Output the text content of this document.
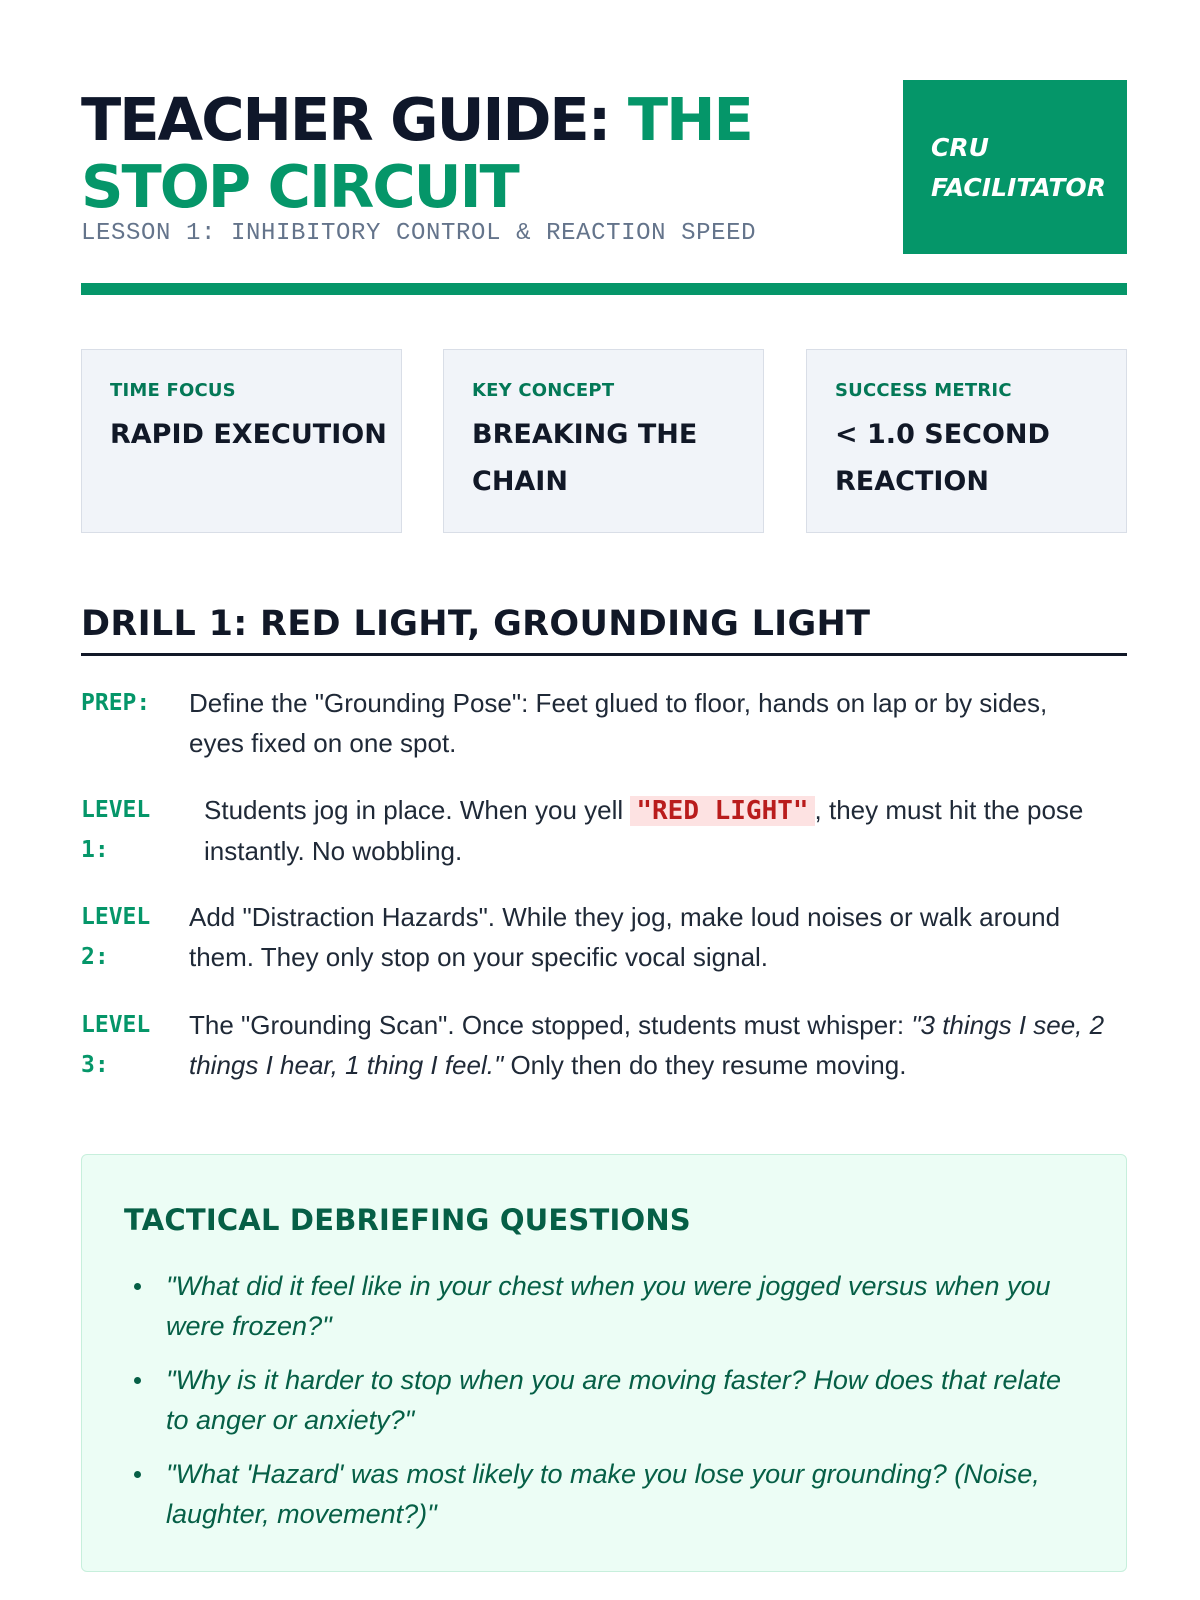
TEACHER GUIDE: THE STOP CIRCUIT
LESSON 1: INHIBITORY CONTROL & REACTION SPEED
CRU FACILITATOR
TIME FOCUS
RAPID EXECUTION
KEY CONCEPT
BREAKING THE CHAIN
SUCCESS METRIC
< 1.0 SECOND REACTION
DRILL 1: RED LIGHT, GROUNDING LIGHT
PREP: Define the "Grounding Pose": Feet glued to floor, hands on lap or by sides, eyes fixed on one spot.
LEVEL 1:
Students jog in place. When you yell "RED LIGHT" , they must hit the pose instantly. No wobbling.
LEVEL 2:
Add "Distraction Hazards". While they jog, make loud noises or walk around them. They only stop on your specific vocal signal.
LEVEL 3:
The "Grounding Scan". Once stopped, students must whisper: "3 things I see, 2 things I hear, 1 thing I feel." Only then do they resume moving.
TACTICAL DEBRIEFING QUESTIONS
"What did it feel like in your chest when you were jogged versus when you were frozen?"
"Why is it harder to stop when you are moving faster? How does that relate to anger or anxiety?"
"What 'Hazard' was most likely to make you lose your grounding? (Noise, laughter, movement?)"
